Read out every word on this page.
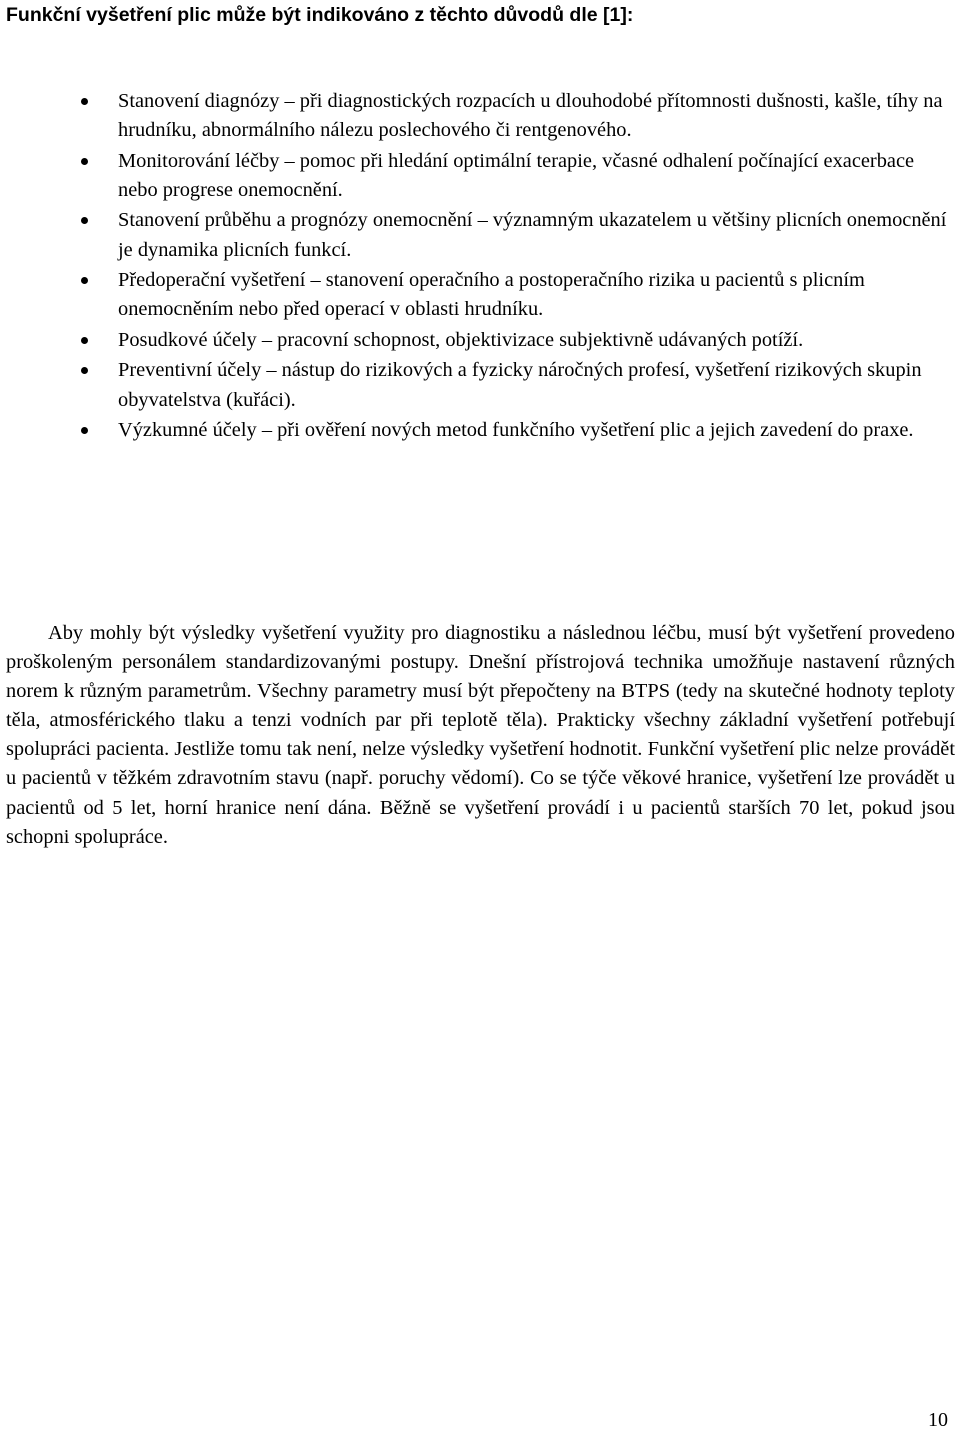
Funkční vyšetření plic může být indikováno z těchto důvodů dle [1]:
Stanovení diagnózy – při diagnostických rozpacích u dlouhodobé přítomnosti dušnosti, kašle, tíhy na hrudníku, abnormálního nálezu poslechového či rentgenového.
Monitorování léčby – pomoc při hledání optimální terapie, včasné odhalení počínající exacerbace nebo progrese onemocnění.
Stanovení průběhu a prognózy onemocnění – významným ukazatelem u většiny plicních onemocnění je dynamika plicních funkcí.
Předoperační vyšetření – stanovení operačního a postoperačního rizika u pacientů s plicním onemocněním nebo před operací v oblasti hrudníku.
Posudkové účely – pracovní schopnost, objektivizace subjektivně udávaných potíží.
Preventivní účely – nástup do rizikových a fyzicky náročných profesí, vyšetření rizikových skupin obyvatelstva (kuřáci).
Výzkumné účely – při ověření nových metod funkčního vyšetření plic a jejich zavedení do praxe.

Aby mohly být výsledky vyšetření využity pro diagnostiku a následnou léčbu, musí být vyšetření provedeno proškoleným personálem standardizovanými postupy. Dnešní přístrojová technika umožňuje nastavení různých norem k různým parametrům. Všechny parametry musí být přepočteny na BTPS (tedy na skutečné hodnoty teploty těla, atmosférického tlaku a tenzi vodních par při teplotě těla). Prakticky všechny základní vyšetření potřebují spolupráci pacienta. Jestliže tomu tak není, nelze výsledky vyšetření hodnotit. Funkční vyšetření plic nelze provádět u pacientů v těžkém zdravotním stavu (např. poruchy vědomí). Co se týče věkové hranice, vyšetření lze provádět u pacientů od 5 let, horní hranice není dána. Běžně se vyšetření provádí i u pacientů starších 70 let, pokud jsou schopni spolupráce.

10
